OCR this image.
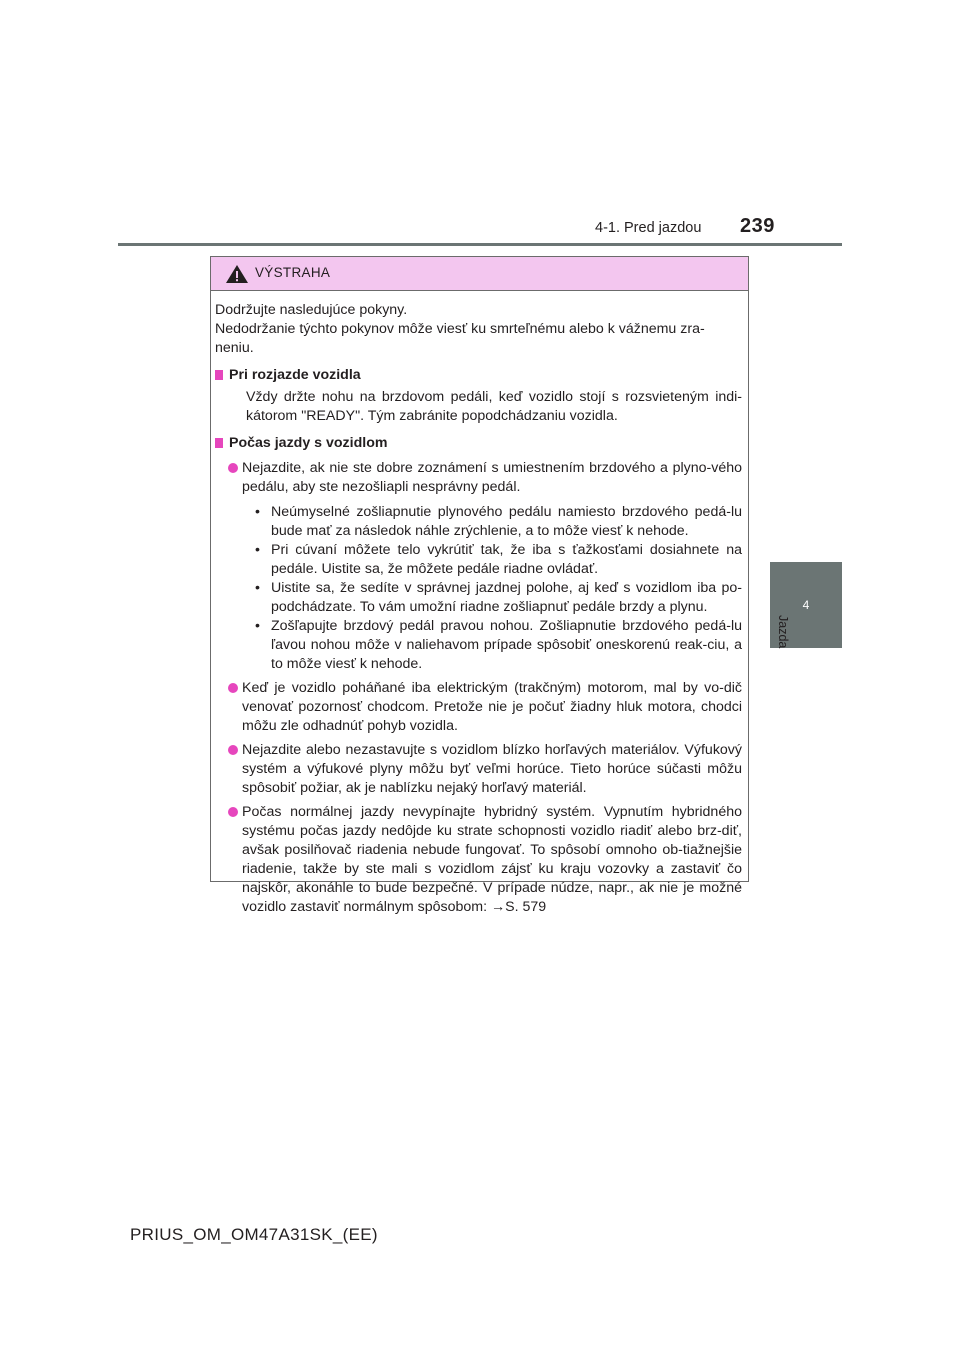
4-1. Pred jazdou 239
4
Jazda
VÝSTRAHA

Dodržujte nasledujúce pokyny.

Nedodržanie týchto pokynov môže viesť ku smrteľnému alebo k vážnemu zra-neniu.

Pri rozjazde vozidla

Vždy držte nohu na brzdovom pedáli, keď vozidlo stojí s rozsvieteným indi-kátorom "READY". Tým zabránite popodchádzaniu vozidla.

Počas jazdy s vozidlom
Nejazdite, ak nie ste dobre zoznámení s umiestnením brzdového a plyno-vého pedálu, aby ste nezošliapli nesprávny pedál.
• Neúmyselné zošliapnutie plynového pedálu namiesto brzdového pedá-lu bude mať za následok náhle zrýchlenie, a to môže viesť k nehode.
• Pri cúvaní môžete telo vykrútiť tak, že iba s ťažkosťami dosiahnete na pedále. Uistite sa, že môžete pedále riadne ovládať.
• Uistite sa, že sedíte v správnej jazdnej polohe, aj keď s vozidlom iba po-podchádzate. To vám umožní riadne zošliapnuť pedále brzdy a plynu.
• Zošľapujte brzdový pedál pravou nohou. Zošliapnutie brzdového pedá-lu ľavou nohou môže v naliehavom prípade spôsobiť oneskorenú reak-ciu, a to môže viesť k nehode.
Keď je vozidlo poháňané iba elektrickým (trakčným) motorom, mal by vo-dič venovať pozornosť chodcom. Pretože nie je počuť žiadny hluk motora, chodci môžu zle odhadnúť pohyb vozidla.
Nejazdite alebo nezastavujte s vozidlom blízko horľavých materiálov. Výfukový systém a výfukové plyny môžu byť veľmi horúce. Tieto horúce súčasti môžu spôsobiť požiar, ak je nablízku nejaký horľavý materiál.
Počas normálnej jazdy nevypínajte hybridný systém. Vypnutím hybridného systému počas jazdy nedôjde ku strate schopnosti vozidlo riadiť alebo brz-diť, avšak posilňovač riadenia nebude fungovať. To spôsobí omnoho ob-tiažnejšie riadenie, takže by ste mali s vozidlom zájsť ku kraju vozovky a zastaviť čo najskôr, akonáhle to bude bezpečné. V prípade núdze, napr., ak nie je možné vozidlo zastaviť normálnym spôsobom: →S. 579
PRIUS_OM_OM47A31SK_(EE)
